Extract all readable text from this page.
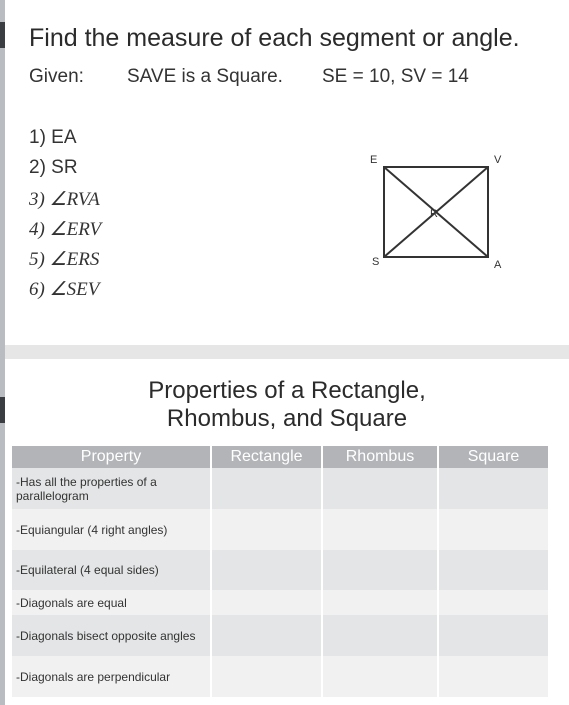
Find the measure of each segment or angle.
Given: SAVE is a Square. SE = 10, SV = 14
1) EA
2) SR
3) ∠RVA
4) ∠ERV
5) ∠ERS
6) ∠SEV
E	V
S	A
R
Properties of a Rectangle,
Rhombus, and Square
Property	Rectangle	Rhombus	Square
-Has all the properties of a parallelogram			
-Equiangular (4 right angles)			
-Equilateral (4 equal sides)			
-Diagonals are equal			
-Diagonals bisect opposite angles			
-Diagonals are perpendicular			
